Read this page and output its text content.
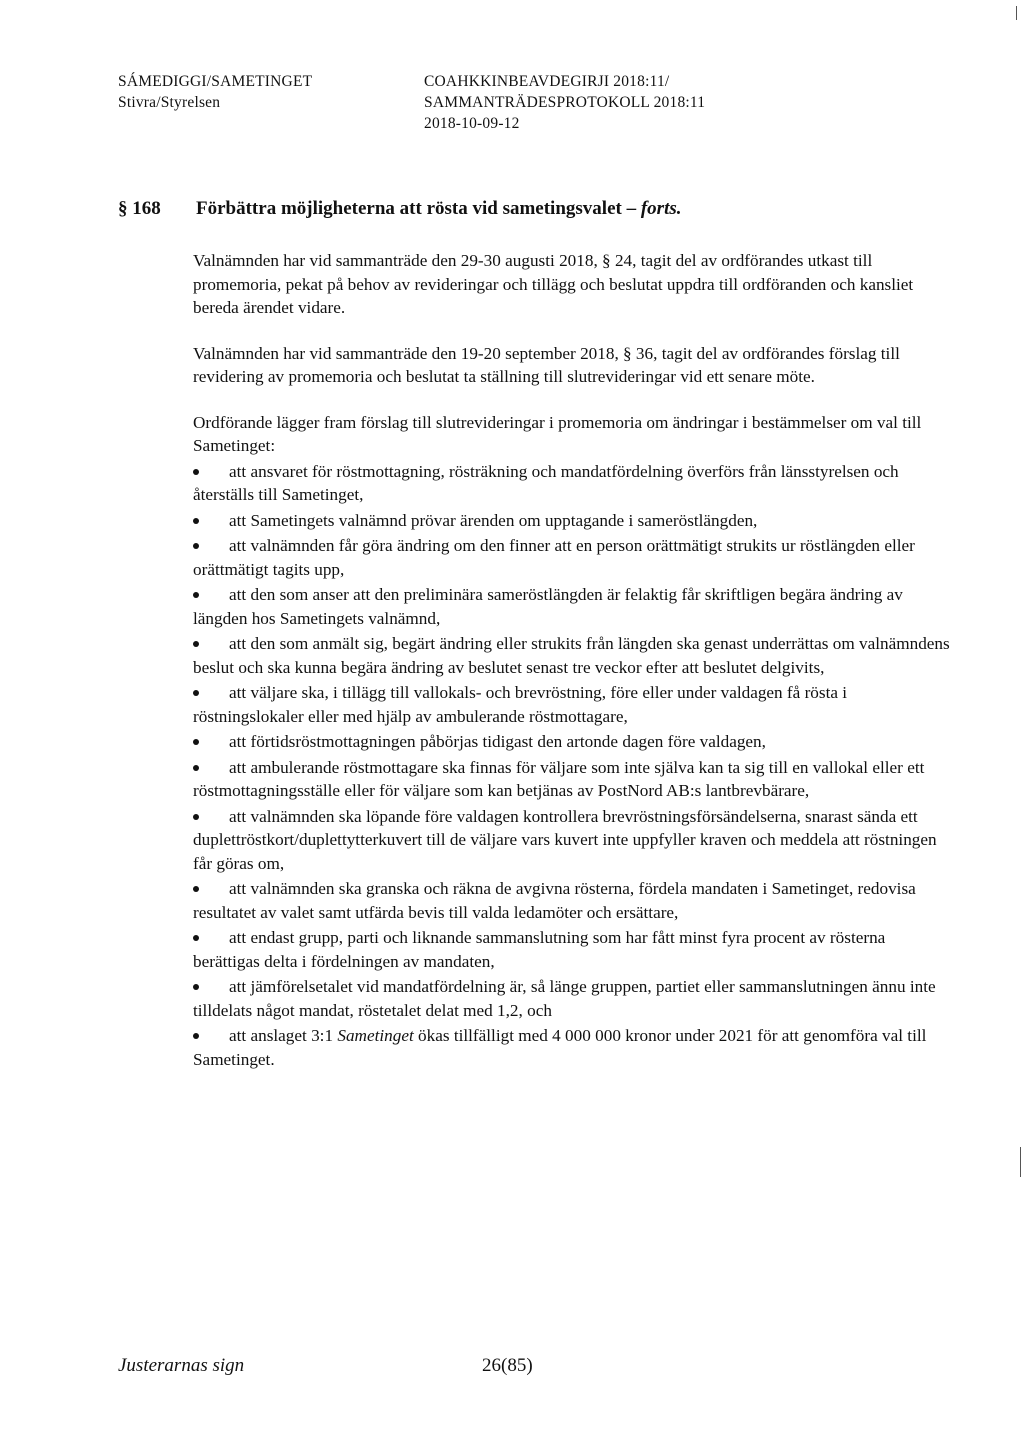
SÁMEDIGGI/SAMETINGET
Stivra/Styrelsen
COAHKKINBEAVDEGIRJI 2018:11/
SAMMANTRÄDESPROTOKOLL 2018:11
2018-10-09-12
§ 168 Förbättra möjligheterna att rösta vid sametingsvalet – forts.

Valnämnden har vid sammanträde den 29-30 augusti 2018, § 24, tagit del av ordförandes utkast till promemoria, pekat på behov av revideringar och tillägg och beslutat uppdra till ordföranden och kansliet bereda ärendet vidare.

Valnämnden har vid sammanträde den 19-20 september 2018, § 36, tagit del av ordförandes förslag till revidering av promemoria och beslutat ta ställning till slutrevideringar vid ett senare möte.

Ordförande lägger fram förslag till slutrevideringar i promemoria om ändringar i bestämmelser om val till Sametinget:

att ansvaret för röstmottagning, rösträkning och mandatfördelning överförs från länsstyrelsen och återställs till Sametinget,

att Sametingets valnämnd prövar ärenden om upptagande i sameröstlängden,

att valnämnden får göra ändring om den finner att en person orättmätigt strukits ur röstlängden eller orättmätigt tagits upp,

att den som anser att den preliminära sameröstlängden är felaktig får skriftligen begära ändring av längden hos Sametingets valnämnd,

att den som anmält sig, begärt ändring eller strukits från längden ska genast underrättas om valnämndens beslut och ska kunna begära ändring av beslutet senast tre veckor efter att beslutet delgivits,

att väljare ska, i tillägg till vallokals- och brevröstning, före eller under valdagen få rösta i röstningslokaler eller med hjälp av ambulerande röstmottagare,

att förtidsröstmottagningen påbörjas tidigast den artonde dagen före valdagen,

att ambulerande röstmottagare ska finnas för väljare som inte själva kan ta sig till en vallokal eller ett röstmottagningsställe eller för väljare som kan betjänas av PostNord AB:s lantbrevbärare,

att valnämnden ska löpande före valdagen kontrollera brevröstningsförsändelserna, snarast sända ett duplettröstkort/duplettytterkuvert till de väljare vars kuvert inte uppfyller kraven och meddela att röstningen får göras om,

att valnämnden ska granska och räkna de avgivna rösterna, fördela mandaten i Sametinget, redovisa resultatet av valet samt utfärda bevis till valda ledamöter och ersättare,

att endast grupp, parti och liknande sammanslutning som har fått minst fyra procent av rösterna berättigas delta i fördelningen av mandaten,

att jämförelsetalet vid mandatfördelning är, så länge gruppen, partiet eller sammanslutningen ännu inte tilldelats något mandat, röstetalet delat med 1,2, och

att anslaget 3:1 Sametinget ökas tillfälligt med 4 000 000 kronor under 2021 för att genomföra val till Sametinget.

Justerarnas sign	26(85)
